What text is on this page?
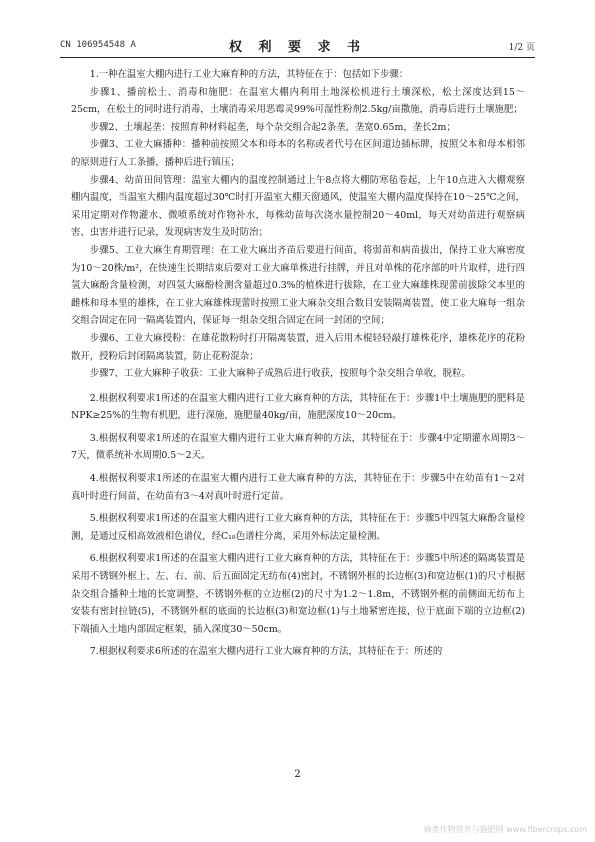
CN 106954548 A	权 利 要 求 书	1/2 页

1.一种在温室大棚内进行工业大麻育种的方法，其特征在于：包括如下步骤：

步骤1、播前松土、消毒和施肥：在温室大棚内利用土地深松机进行土壤深松，松土深度达到15～25cm，在松土的同时进行消毒，土壤消毒采用恶霉灵99%可湿性粉剂2.5kg/亩撒施，消毒后进行土壤施肥；

步骤2、土壤起垄：按照育种材料起垄，每个杂交组合起2条垄，垄宽0.65m，垄长2m；

步骤3、工业大麻播种：播种前按照父本和母本的名称或者代号在区间道边插标牌，按照父本和母本相邻的原则进行人工条播，播种后进行镇压；

步骤4、幼苗田间管理：温室大棚内的温度控制通过上午8点将大棚防寒毡卷起，上午10点进入大棚观察棚内温度，当温室大棚内温度超过30℃时打开温室大棚天窗通风，使温室大棚内温度保持在10～25℃之间，采用定期对作物灌水、微喷系统对作物补水，每株幼苗每次浇水量控制20～40ml，每天对幼苗进行观察病害、虫害并进行记录，发现病害发生及时防治；

步骤5、工业大麻生育期管理：在工业大麻出齐苗后要进行间苗，将弱苗和病苗拔出，保持工业大麻密度为10～20株/m²，在快速生长期结束后要对工业大麻单株进行挂牌，并且对单株的花序部的叶片取样，进行四氢大麻酚含量检测，对四氢大麻酚检测含量超过0.3%的植株进行拔除，在工业大麻雄株现蕾前拔除父本里的雌株和母本里的雄株，在工业大麻雄株现蕾时按照工业大麻杂交组合数目安装隔离装置，使工业大麻每一组杂交组合固定在同一隔离装置内，保证每一组杂交组合固定在同一封闭的空间；

步骤6、工业大麻授粉：在雄花散粉时打开隔离装置，进入后用木棍轻轻敲打雄株花序，雄株花序的花粉散开，授粉后封闭隔离装置，防止花粉混杂；

步骤7、工业大麻种子收获：工业大麻种子成熟后进行收获，按照每个杂交组合单收，脱粒。

2.根据权利要求1所述的在温室大棚内进行工业大麻育种的方法，其特征在于：步骤1中土壤施肥的肥料是NPK≥25%的生物有机肥，进行深施，施肥量40kg/亩，施肥深度10～20cm。

3.根据权利要求1所述的在温室大棚内进行工业大麻育种的方法，其特征在于：步骤4中定期灌水周期3～7天，微系统补水周期0.5～2天。

4.根据权利要求1所述的在温室大棚内进行工业大麻育种的方法，其特征在于：步骤5中在幼苗有1～2对真叶时进行间苗，在幼苗有3～4对真叶时进行定苗。

5.根据权利要求1所述的在温室大棚内进行工业大麻育种的方法，其特征在于：步骤5中四氢大麻酚含量检测，是通过反相高效液相色谱仪，经C₁₈色谱柱分离，采用外标法定量检测。

6.根据权利要求1所述的在温室大棚内进行工业大麻育种的方法，其特征在于：步骤5中所述的隔离装置是采用不锈钢外框上、左、右、前、后五面固定无纺布(4)密封，不锈钢外框的长边框(3)和宽边框(1)的尺寸根据杂交组合播种土地的长宽调整，不锈钢外框的立边框(2)的尺寸为1.2～1.8m，不锈钢外框的前侧面无纺布上安装有密封拉链(5)，不锈钢外框的底面的长边框(3)和宽边框(1)与土地紧密连接，位于底面下端的立边框(2)下端插入土地内部固定框架，插入深度30～50cm。

7.根据权利要求6所述的在温室大棚内进行工业大麻育种的方法，其特征在于：所述的

2
麻类作物营养与施肥网 www.fibercrops.com
